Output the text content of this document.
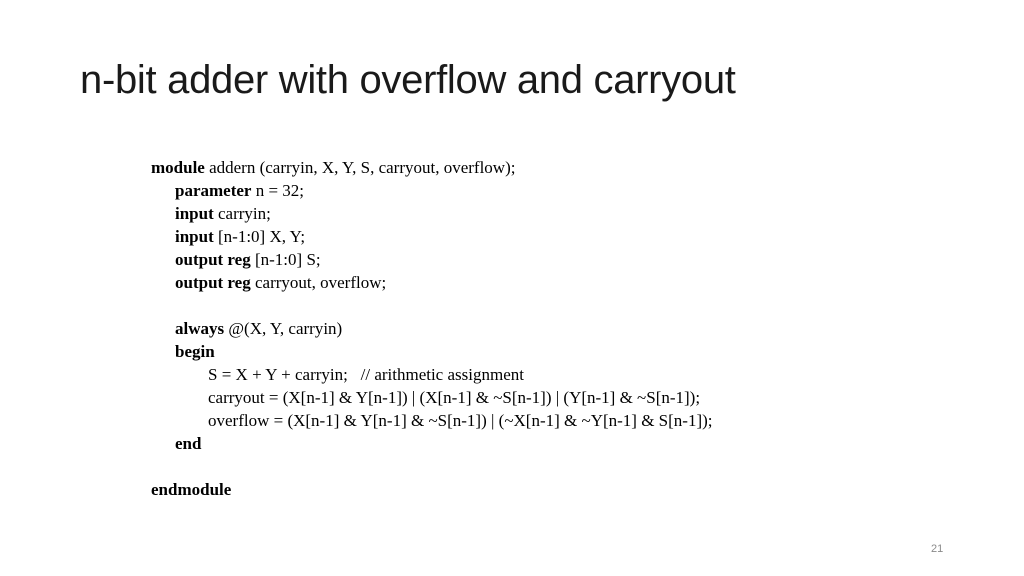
n-bit adder with overflow and carryout
module addern (carryin, X, Y, S, carryout, overflow);
parameter n = 32;
input carryin;
input [n-1:0] X, Y;
output reg [n-1:0] S;
output reg carryout, overflow;
always @(X, Y, carryin)
begin
S = X + Y + carryin;   // arithmetic assignment
carryout = (X[n-1] & Y[n-1]) | (X[n-1] & ~S[n-1]) | (Y[n-1] & ~S[n-1]);
overflow = (X[n-1] & Y[n-1] & ~S[n-1]) | (~X[n-1] & ~Y[n-1] & S[n-1]);
end
endmodule
21
